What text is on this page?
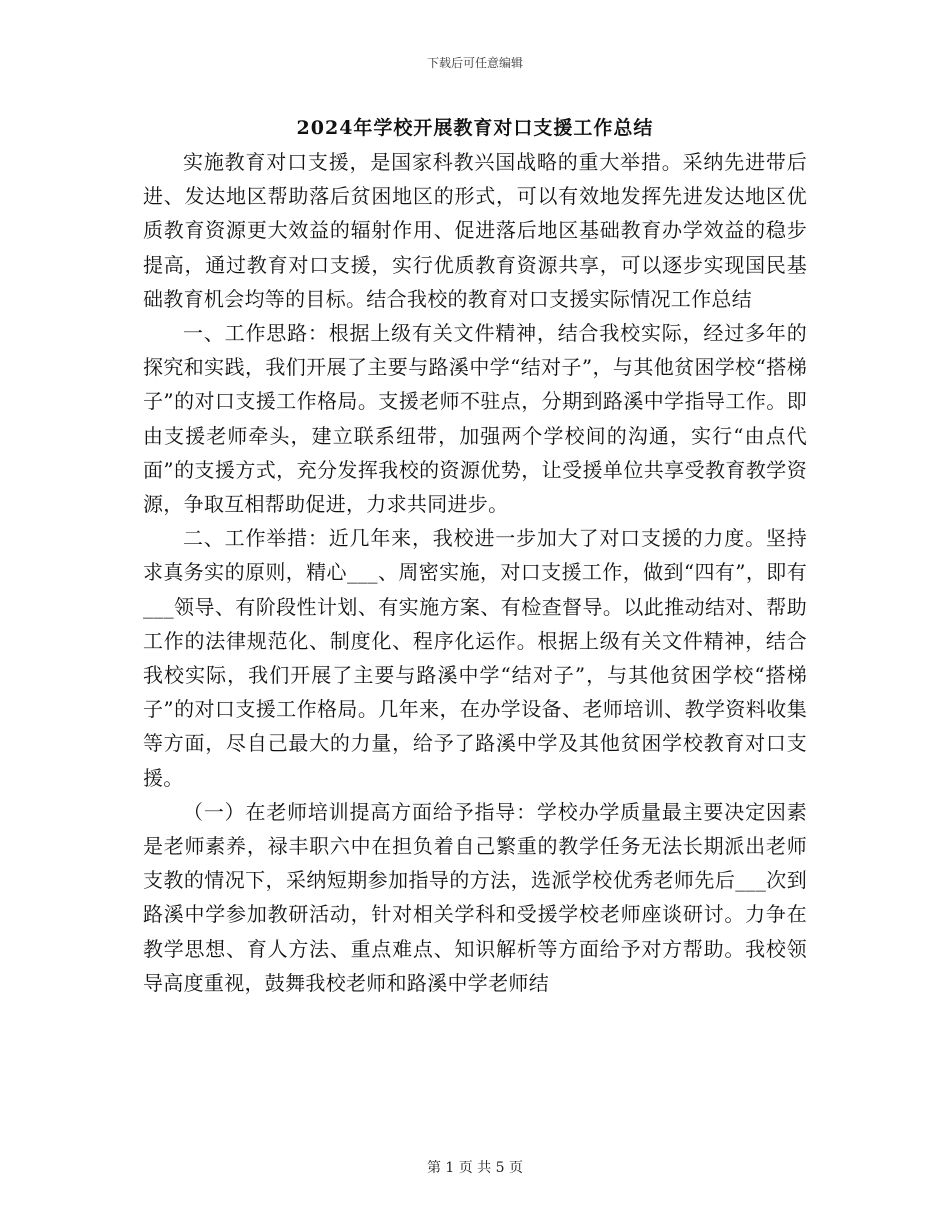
下载后可任意编辑
2024年学校开展教育对口支援工作总结

实施教育对口支援，是国家科教兴国战略的重大举措。采纳先进带后进、发达地区帮助落后贫困地区的形式，可以有效地发挥先进发达地区优质教育资源更大效益的辐射作用、促进落后地区基础教育办学效益的稳步提高，通过教育对口支援，实行优质教育资源共享，可以逐步实现国民基础教育机会均等的目标。结合我校的教育对口支援实际情况工作总结

一、工作思路：根据上级有关文件精神，结合我校实际，经过多年的探究和实践，我们开展了主要与路溪中学“结对子”，与其他贫困学校“搭梯子”的对口支援工作格局。支援老师不驻点，分期到路溪中学指导工作。即由支援老师牵头，建立联系纽带，加强两个学校间的沟通，实行“由点代面”的支援方式，充分发挥我校的资源优势，让受援单位共享受教育教学资源，争取互相帮助促进，力求共同进步。

二、工作举措：近几年来，我校进一步加大了对口支援的力度。坚持求真务实的原则，精心___、周密实施，对口支援工作，做到“四有”，即有___领导、有阶段性计划、有实施方案、有检查督导。以此推动结对、帮助工作的法律规范化、制度化、程序化运作。根据上级有关文件精神，结合我校实际，我们开展了主要与路溪中学“结对子”，与其他贫困学校“搭梯子”的对口支援工作格局。几年来，在办学设备、老师培训、教学资料收集等方面，尽自己最大的力量，给予了路溪中学及其他贫困学校教育对口支援。

（一）在老师培训提高方面给予指导：学校办学质量最主要决定因素是老师素养，禄丰职六中在担负着自己繁重的教学任务无法长期派出老师支教的情况下，采纳短期参加指导的方法，选派学校优秀老师先后___次到路溪中学参加教研活动，针对相关学科和受援学校老师座谈研讨。力争在教学思想、育人方法、重点难点、知识解析等方面给予对方帮助。我校领导高度重视，鼓舞我校老师和路溪中学老师结

第 1 页 共 5 页
